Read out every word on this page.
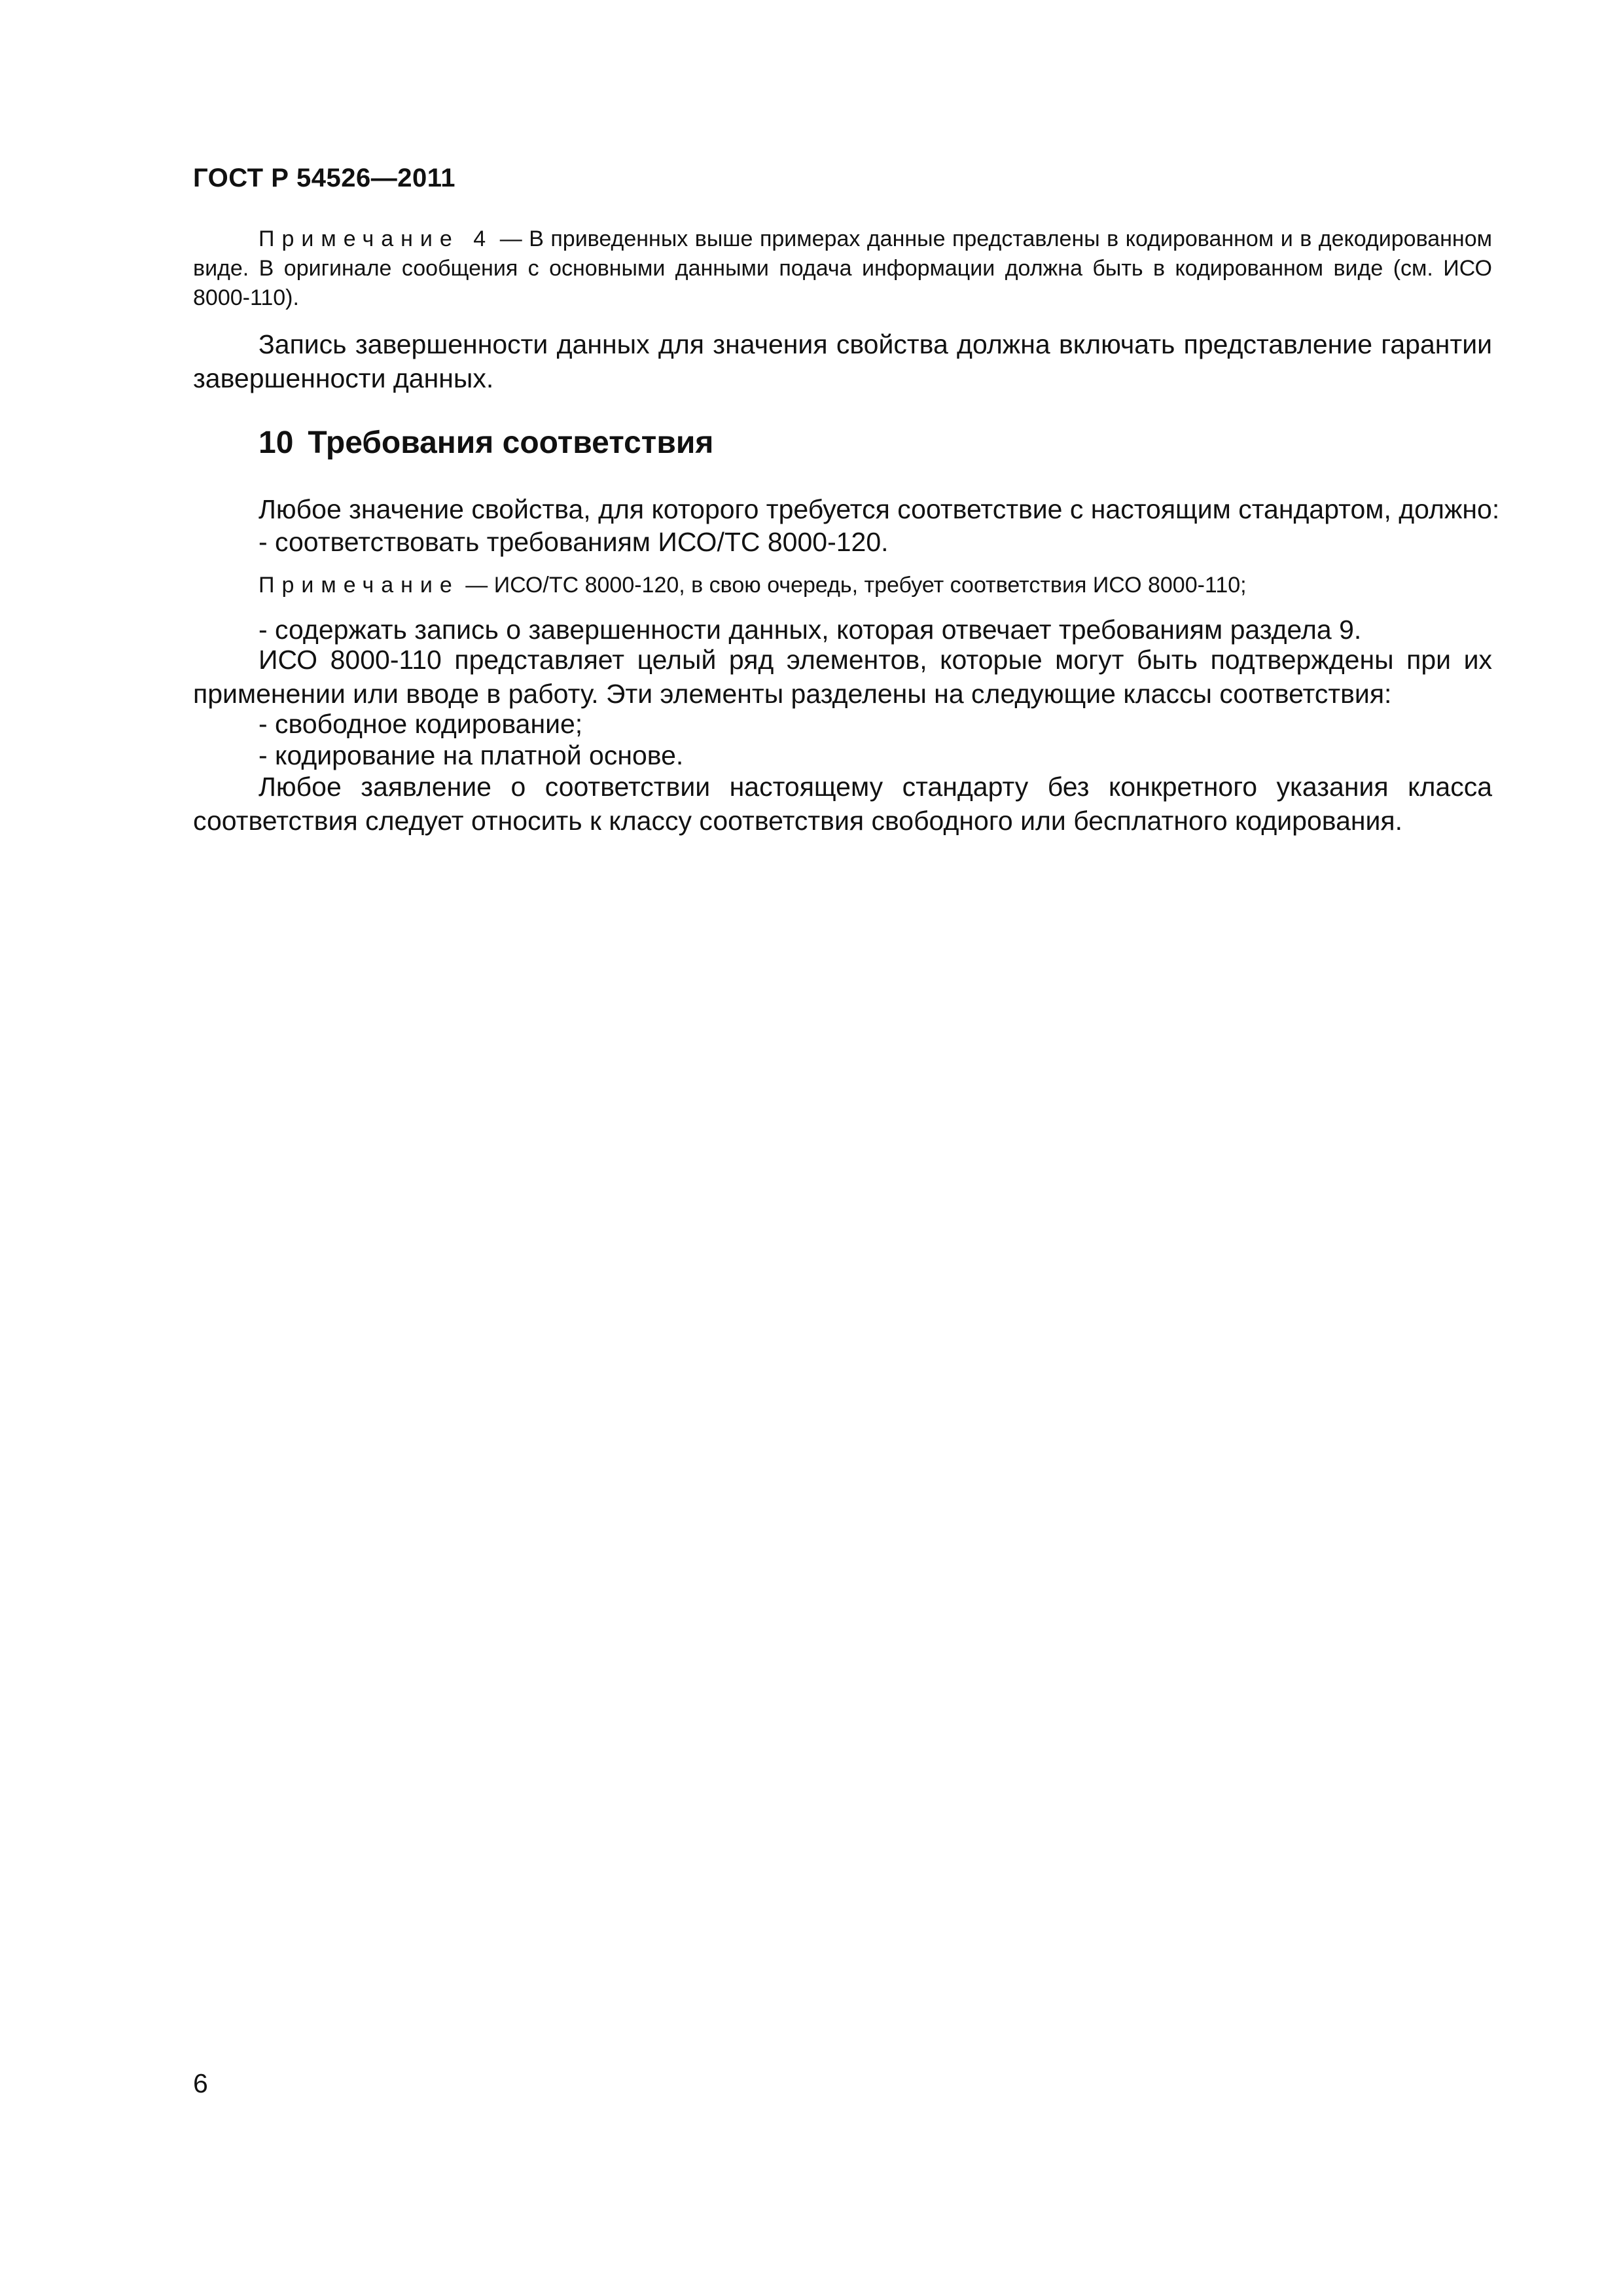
ГОСТ Р 54526—2011
Примечание 4 — В приведенных выше примерах данные представлены в кодированном и в декодированном виде. В оригинале сообщения с основными данными подача информации должна быть в кодированном виде (см. ИСО 8000-110).
Запись завершенности данных для значения свойства должна включать представление гарантии завершенности данных.
10 Требования соответствия
Любое значение свойства, для которого требуется соответствие с настоящим стандартом, должно:
- соответствовать требованиям ИСО/ТС 8000-120.
Примечание — ИСО/ТС 8000-120, в свою очередь, требует соответствия ИСО 8000-110;
- содержать запись о завершенности данных, которая отвечает требованиям раздела 9.
ИСО 8000-110 представляет целый ряд элементов, которые могут быть подтверждены при их применении или вводе в работу. Эти элементы разделены на следующие классы соответствия:
- свободное кодирование;
- кодирование на платной основе.
Любое заявление о соответствии настоящему стандарту без конкретного указания класса соответствия следует относить к классу соответствия свободного или бесплатного кодирования.
6
